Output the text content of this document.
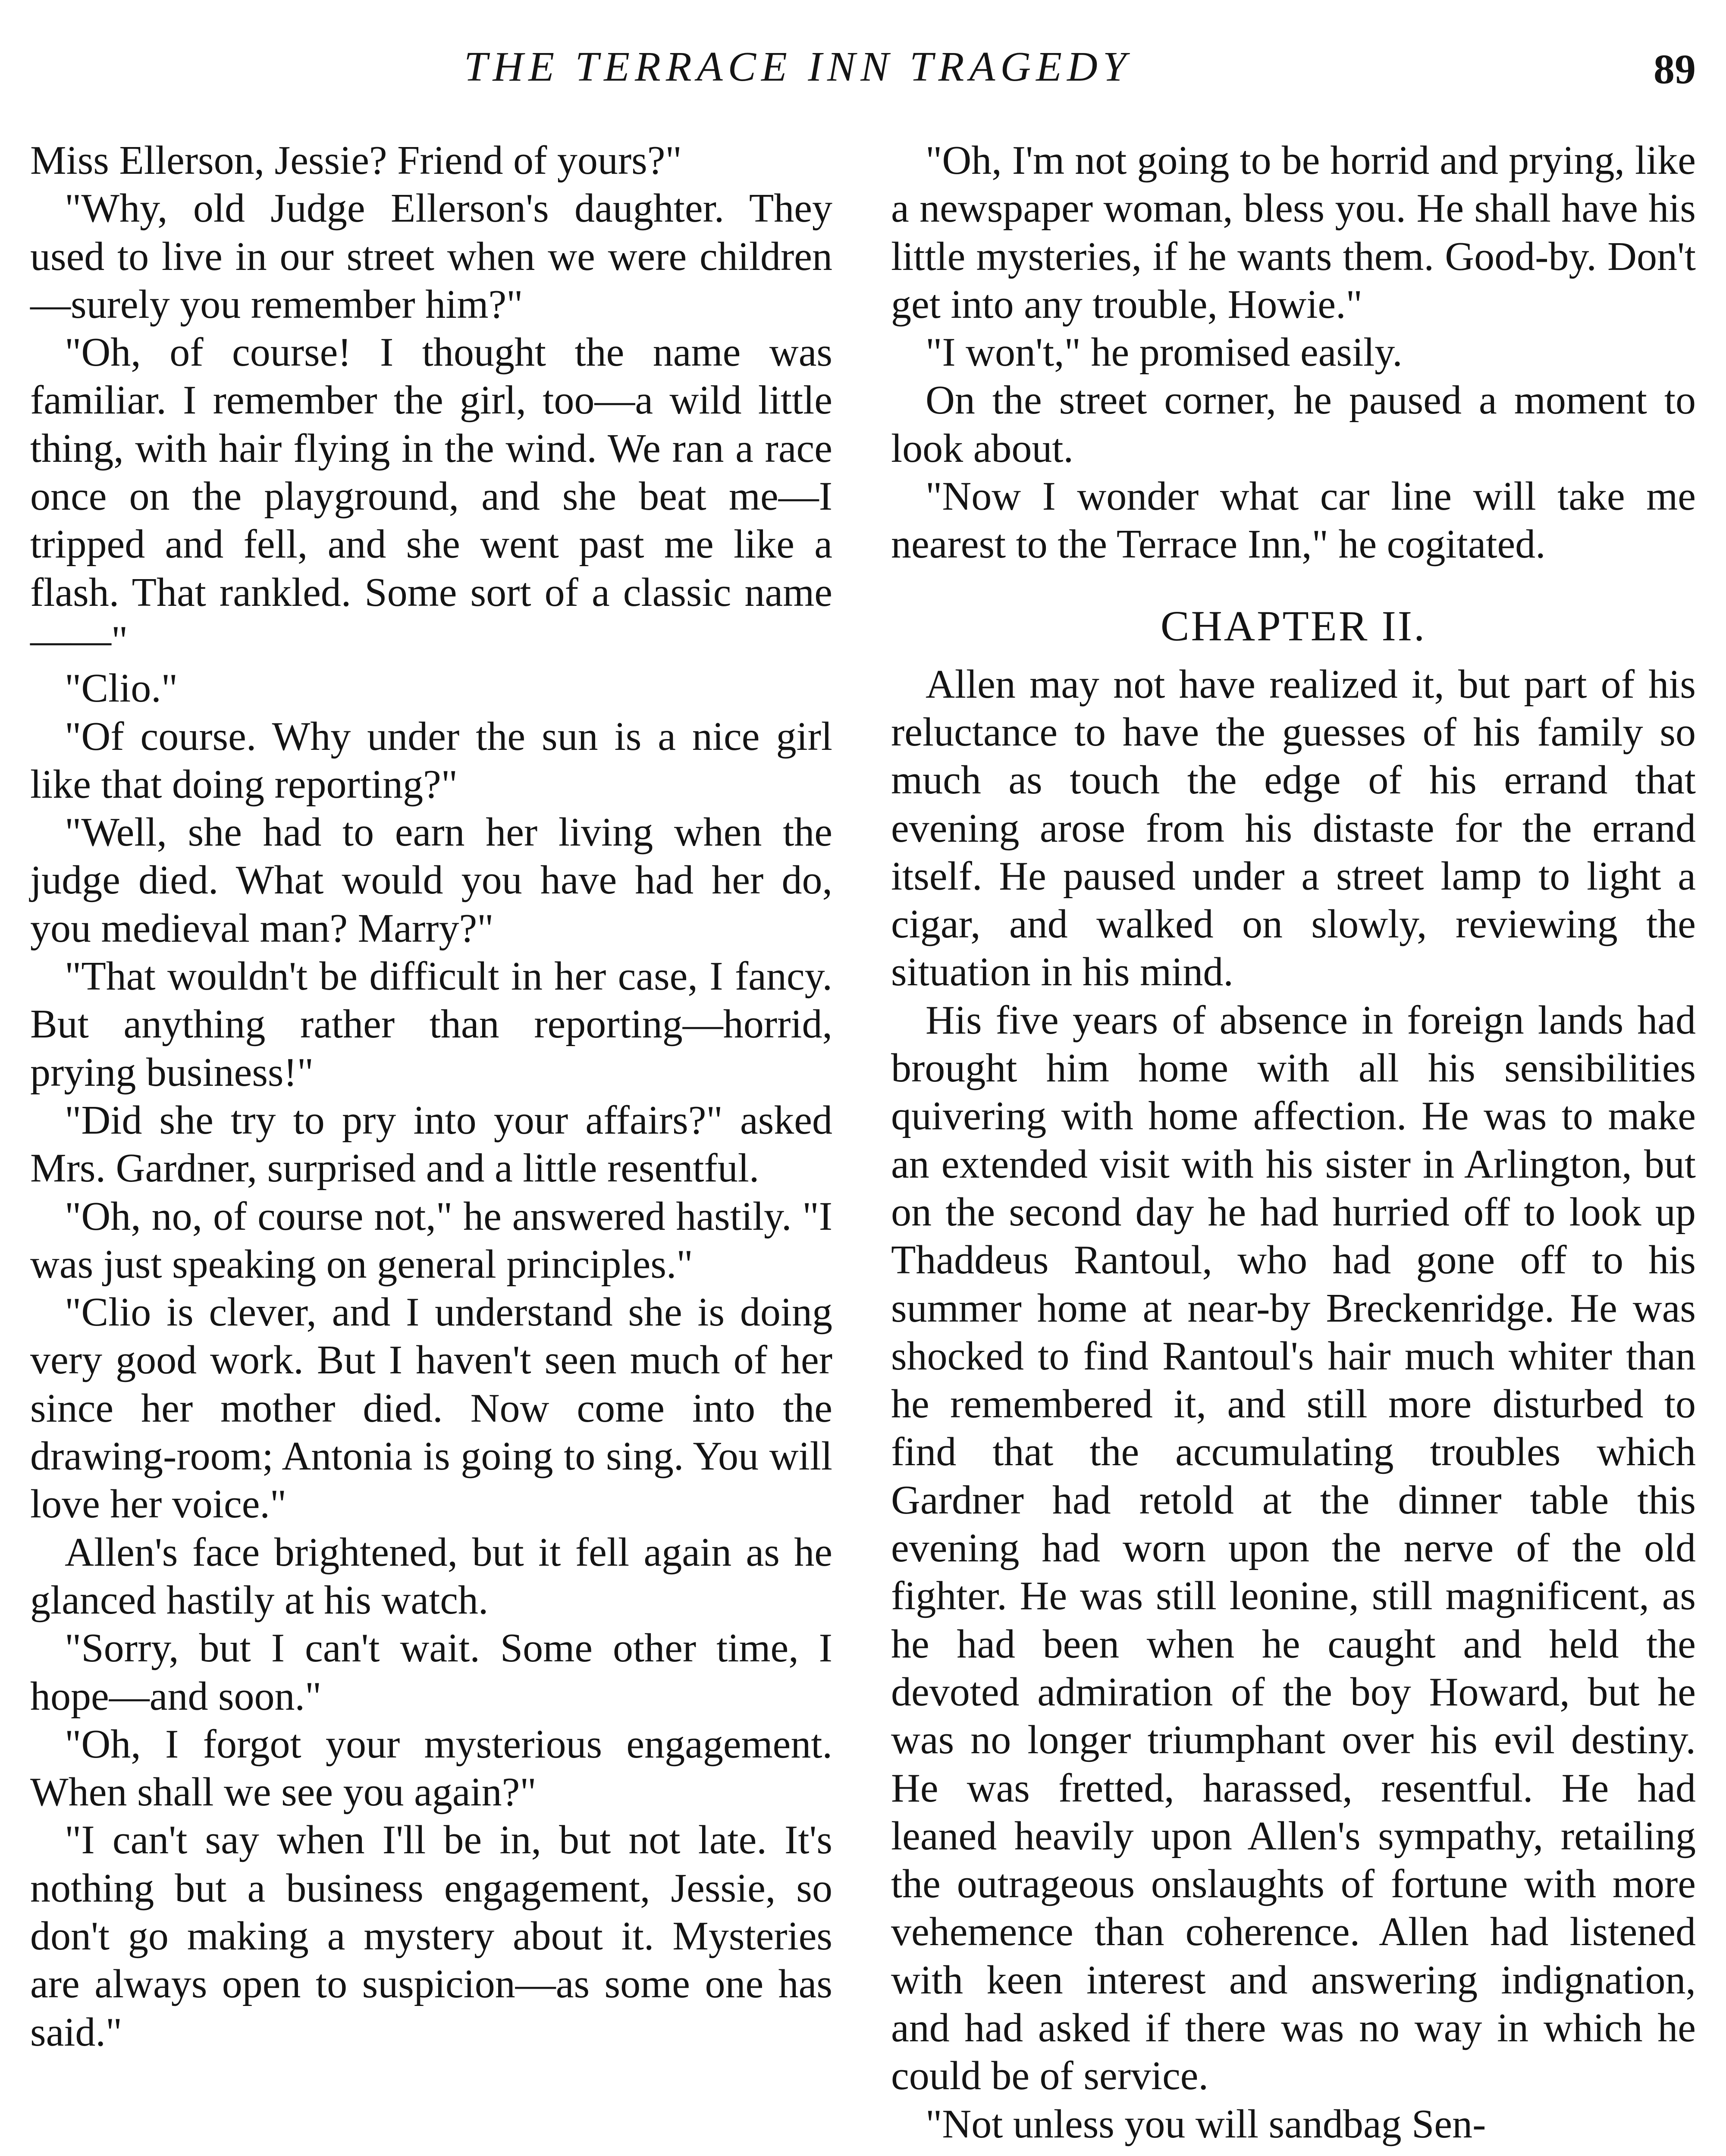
THE TERRACE INN TRAGEDY	89

Miss Ellerson, Jessie? Friend of yours?"

"Why, old Judge Ellerson's daughter. They used to live in our street when we were children—surely you remember him?"

"Oh, of course! I thought the name was familiar. I remember the girl, too—a wild little thing, with hair flying in the wind. We ran a race once on the playground, and she beat me—I tripped and fell, and she went past me like a flash. That rankled. Some sort of a classic name——"

"Clio."

"Of course. Why under the sun is a nice girl like that doing reporting?"

"Well, she had to earn her living when the judge died. What would you have had her do, you medieval man? Marry?"

"That wouldn't be difficult in her case, I fancy. But anything rather than reporting—horrid, prying business!"

"Did she try to pry into your affairs?" asked Mrs. Gardner, surprised and a little resentful.

"Oh, no, of course not," he answered hastily. "I was just speaking on general principles."

"Clio is clever, and I understand she is doing very good work. But I haven't seen much of her since her mother died. Now come into the drawing-room; Antonia is going to sing. You will love her voice."

Allen's face brightened, but it fell again as he glanced hastily at his watch.

"Sorry, but I can't wait. Some other time, I hope—and soon."

"Oh, I forgot your mysterious engagement. When shall we see you again?"

"I can't say when I'll be in, but not late. It's nothing but a business engagement, Jessie, so don't go making a mystery about it. Mysteries are always open to suspicion—as some one has said."

"Oh, I'm not going to be horrid and prying, like a newspaper woman, bless you. He shall have his little mysteries, if he wants them. Good-by. Don't get into any trouble, Howie."

"I won't," he promised easily.

On the street corner, he paused a moment to look about.

"Now I wonder what car line will take me nearest to the Terrace Inn," he cogitated.

CHAPTER II.

Allen may not have realized it, but part of his reluctance to have the guesses of his family so much as touch the edge of his errand that evening arose from his distaste for the errand itself. He paused under a street lamp to light a cigar, and walked on slowly, reviewing the situation in his mind.

His five years of absence in foreign lands had brought him home with all his sensibilities quivering with home affection. He was to make an extended visit with his sister in Arlington, but on the second day he had hurried off to look up Thaddeus Rantoul, who had gone off to his summer home at near-by Breckenridge. He was shocked to find Rantoul's hair much whiter than he remembered it, and still more disturbed to find that the accumulating troubles which Gardner had retold at the dinner table this evening had worn upon the nerve of the old fighter. He was still leonine, still magnificent, as he had been when he caught and held the devoted admiration of the boy Howard, but he was no longer triumphant over his evil destiny. He was fretted, harassed, resentful. He had leaned heavily upon Allen's sympathy, retailing the outrageous onslaughts of fortune with more vehemence than coherence. Allen had listened with keen interest and answering indignation, and had asked if there was no way in which he could be of service.

"Not unless you will sandbag Sen-
